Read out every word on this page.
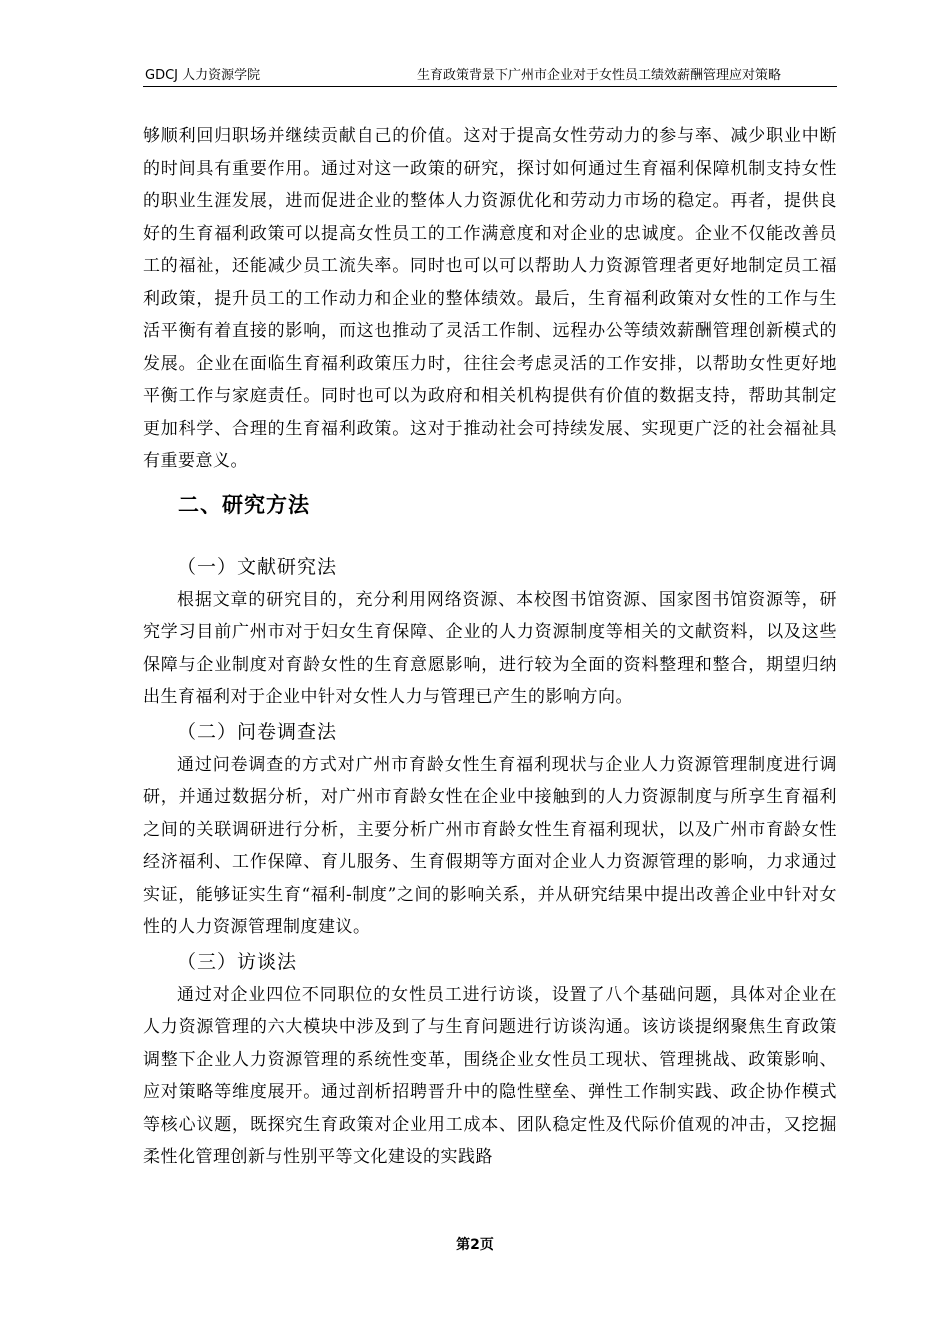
GDCJ 人力资源学院	生育政策背景下广州市企业对于女性员工绩效薪酬管理应对策略

够顺利回归职场并继续贡献自己的价值。这对于提高女性劳动力的参与率、减少职业中断的时间具有重要作用。通过对这一政策的研究，探讨如何通过生育福利保障机制支持女性的职业生涯发展，进而促进企业的整体人力资源优化和劳动力市场的稳定。再者，提供良好的生育福利政策可以提高女性员工的工作满意度和对企业的忠诚度。企业不仅能改善员工的福祉，还能减少员工流失率。同时也可以可以帮助人力资源管理者更好地制定员工福利政策，提升员工的工作动力和企业的整体绩效。最后，生育福利政策对女性的工作与生活平衡有着直接的影响，而这也推动了灵活工作制、远程办公等绩效薪酬管理创新模式的发展。企业在面临生育福利政策压力时，往往会考虑灵活的工作安排，以帮助女性更好地平衡工作与家庭责任。同时也可以为政府和相关机构提供有价值的数据支持，帮助其制定更加科学、合理的生育福利政策。这对于推动社会可持续发展、实现更广泛的社会福祉具有重要意义。

二、研究方法
（一）文献研究法

根据文章的研究目的，充分利用网络资源、本校图书馆资源、国家图书馆资源等，研究学习目前广州市对于妇女生育保障、企业的人力资源制度等相关的文献资料，以及这些保障与企业制度对育龄女性的生育意愿影响，进行较为全面的资料整理和整合，期望归纳出生育福利对于企业中针对女性人力与管理已产生的影响方向。

（二）问卷调查法

通过问卷调查的方式对广州市育龄女性生育福利现状与企业人力资源管理制度进行调研，并通过数据分析，对广州市育龄女性在企业中接触到的人力资源制度与所享生育福利之间的关联调研进行分析，主要分析广州市育龄女性生育福利现状，以及广州市育龄女性经济福利、工作保障、育儿服务、生育假期等方面对企业人力资源管理的影响，力求通过实证，能够证实生育“福利-制度”之间的影响关系，并从研究结果中提出改善企业中针对女性的人力资源管理制度建议。

（三）访谈法

通过对企业四位不同职位的女性员工进行访谈，设置了八个基础问题，具体对企业在人力资源管理的六大模块中涉及到了与生育问题进行访谈沟通。该访谈提纲聚焦生育政策调整下企业人力资源管理的系统性变革，围绕企业女性员工现状、管理挑战、政策影响、应对策略等维度展开。通过剖析招聘晋升中的隐性壁垒、弹性工作制实践、政企协作模式等核心议题，既探究生育政策对企业用工成本、团队稳定性及代际价值观的冲击，又挖掘柔性化管理创新与性别平等文化建设的实践路

第2页
